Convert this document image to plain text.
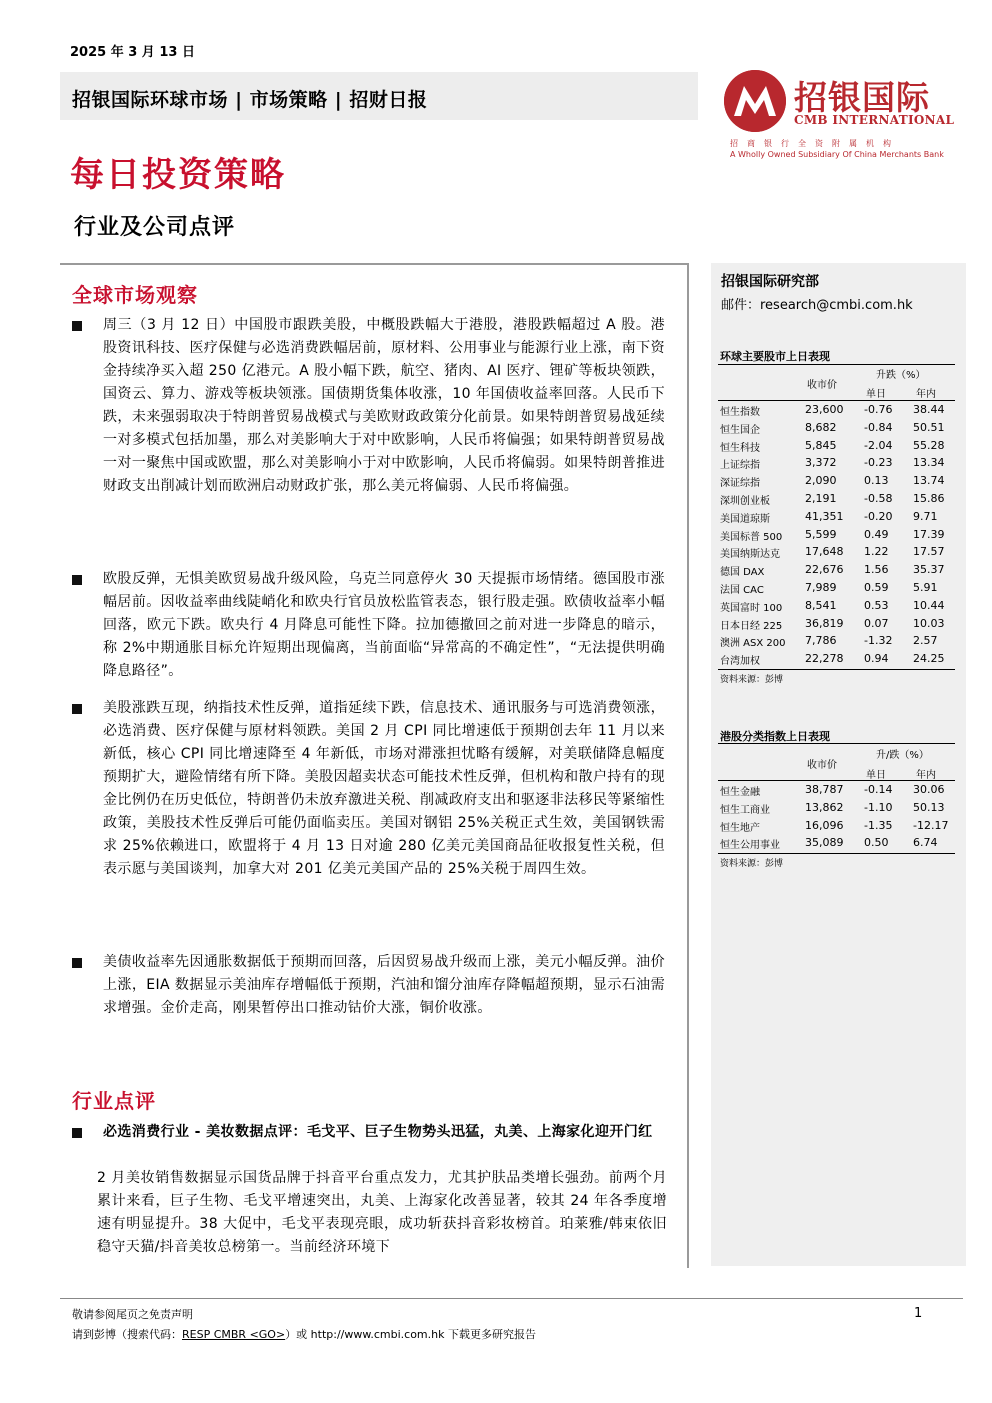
2025 年 3 月 13 日
招银国际环球市场 | 市场策略 | 招财日报	招银国际
CMB INTERNATIONAL
招商银行全资附属机构
A Wholly Owned Subsidiary Of China Merchants Bank
每日投资策略
行业及公司点评
全球市场观察
周三（3 月 12 日）中国股市跟跌美股，中概股跌幅大于港股，港股跌幅超过 A 股。港股资讯科技、医疗保健与必选消费跌幅居前，原材料、公用事业与能源行业上涨，南下资金持续净买入超 250 亿港元。A 股小幅下跌，航空、猪肉、AI 医疗、锂矿等板块领跌，国资云、算力、游戏等板块领涨。国债期货集体收涨，10 年国债收益率回落。人民币下跌，未来强弱取决于特朗普贸易战模式与美欧财政政策分化前景。如果特朗普贸易战延续一对多模式包括加墨，那么对美影响大于对中欧影响，人民币将偏强；如果特朗普贸易战一对一聚焦中国或欧盟，那么对美影响小于对中欧影响，人民币将偏弱。如果特朗普推进财政支出削减计划而欧洲启动财政扩张，那么美元将偏弱、人民币将偏强。
欧股反弹，无惧美欧贸易战升级风险，乌克兰同意停火 30 天提振市场情绪。德国股市涨幅居前。因收益率曲线陡峭化和欧央行官员放松监管表态，银行股走强。欧债收益率小幅回落，欧元下跌。欧央行 4 月降息可能性下降。拉加德撤回之前对进一步降息的暗示，称 2%中期通胀目标允许短期出现偏离，当前面临“异常高的不确定性”，“无法提供明确降息路径”。
美股涨跌互现，纳指技术性反弹，道指延续下跌，信息技术、通讯服务与可选消费领涨，必选消费、医疗保健与原材料领跌。美国 2 月 CPI 同比增速低于预期创去年 11 月以来新低，核心 CPI 同比增速降至 4 年新低，市场对滞涨担忧略有缓解，对美联储降息幅度预期扩大，避险情绪有所下降。美股因超卖状态可能技术性反弹，但机构和散户持有的现金比例仍在历史低位，特朗普仍未放弃激进关税、削减政府支出和驱逐非法移民等紧缩性政策，美股技术性反弹后可能仍面临卖压。美国对钢铝 25%关税正式生效，美国钢铁需求 25%依赖进口，欧盟将于 4 月 13 日对逾 280 亿美元美国商品征收报复性关税，但表示愿与美国谈判，加拿大对 201 亿美元美国产品的 25%关税于周四生效。
美债收益率先因通胀数据低于预期而回落，后因贸易战升级而上涨，美元小幅反弹。油价上涨，EIA 数据显示美油库存增幅低于预期，汽油和馏分油库存降幅超预期，显示石油需求增强。金价走高，刚果暂停出口推动钴价大涨，铜价收涨。
行业点评
必选消费行业 - 美妆数据点评：毛戈平、巨子生物势头迅猛，丸美、上海家化迎开门红
2 月美妆销售数据显示国货品牌于抖音平台重点发力，尤其护肤品类增长强劲。前两个月累计来看，巨子生物、毛戈平增速突出，丸美、上海家化改善显著，较其 24 年各季度增速有明显提升。38 大促中，毛戈平表现亮眼，成功斩获抖音彩妆榜首。珀莱雅/韩束依旧稳守天猫/抖音美妆总榜第一。当前经济环境下
招银国际研究部
邮件：research@cmbi.com.hk
环球主要股市上日表现
收市价
升跌（%）
单日	年内
恒生指数	23,600 -0.76 38.44
恒生国企	8,682	-0.84 50.51
恒生科技	5,845	-2.04 55.28
上证综指	3,372	-0.23 13.34
深证综指	2,090	0.13 13.74
深圳创业板	2,191	-0.58 15.86
美国道琼斯	41,351 -0.20 9.71
美国标普 500 5,599	0.49 17.39
美国纳斯达克 17,648 1.22 17.57
德国 DAX	22,676 1.56 35.37
法国 CAC	7,989	0.59 5.91
英国富时 100 8,541	0.53 10.44
日本日经 225 36,819 0.07 10.03
澳洲 ASX 200 7,786	-1.32 2.57
台湾加权	22,278 0.94 24.25
资料来源：彭博
港股分类指数上日表现
收市价
升/跌（%）
单日	年内
恒生金融	38,787 -0.14 30.06
恒生工商业	13,862 -1.10 50.13
恒生地产	16,096 -1.35 -12.17
恒生公用事业 35,089 0.50 6.74
资料来源：彭博
敬请参阅尾页之免责声明
请到彭博（搜索代码：RESP CMBR <GO>）或 http://www.cmbi.com.hk 下载更多研究报告
1
